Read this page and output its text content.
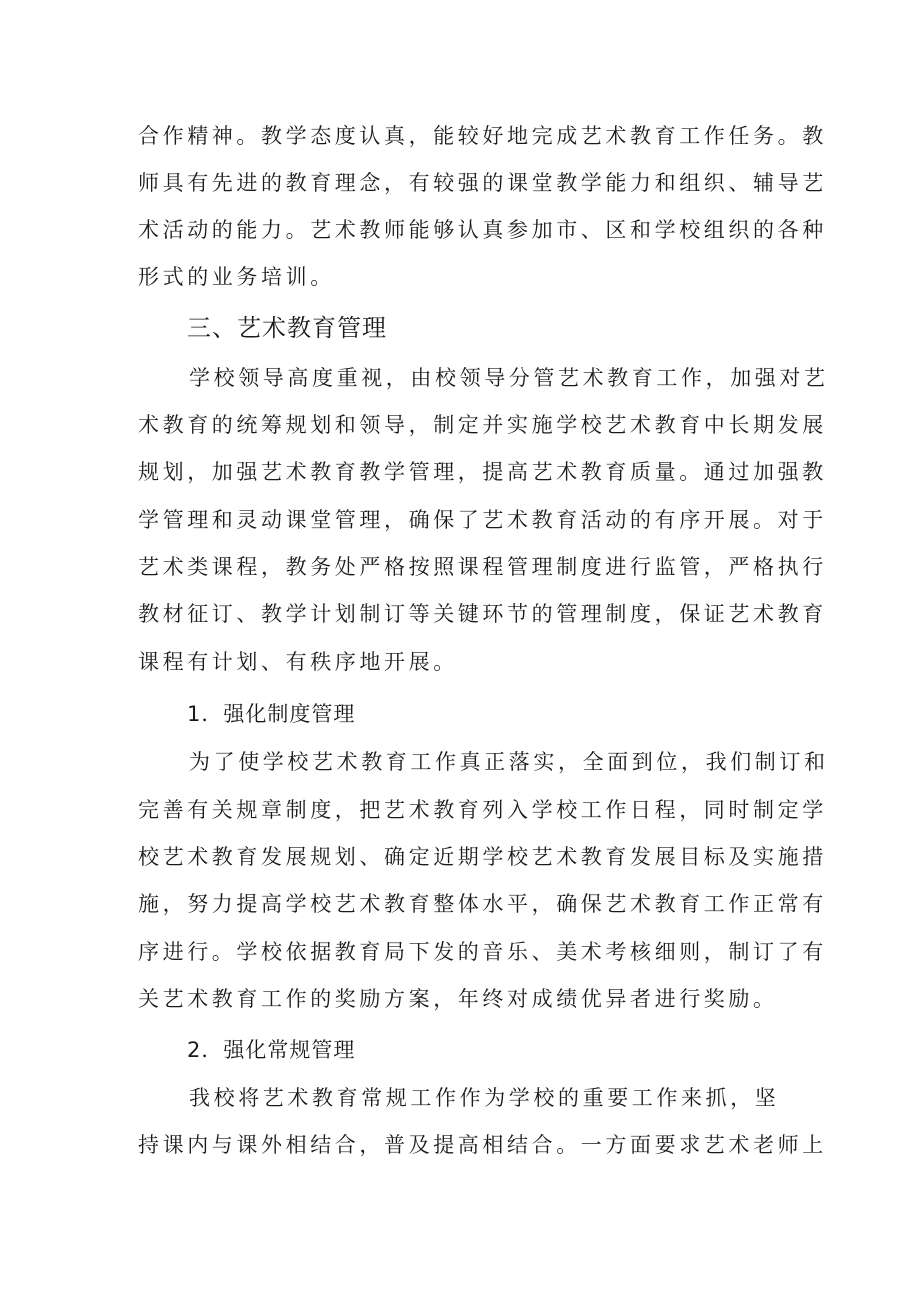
合作精神。教学态度认真，能较好地完成艺术教育工作任务。教
师具有先进的教育理念，有较强的课堂教学能力和组织、辅导艺
术活动的能力。艺术教师能够认真参加市、区和学校组织的各种
形式的业务培训。
三、艺术教育管理
学校领导高度重视，由校领导分管艺术教育工作，加强对艺
术教育的统筹规划和领导，制定并实施学校艺术教育中长期发展
规划，加强艺术教育教学管理，提高艺术教育质量。通过加强教
学管理和灵动课堂管理，确保了艺术教育活动的有序开展。对于
艺术类课程，教务处严格按照课程管理制度进行监管，严格执行
教材征订、教学计划制订等关键环节的管理制度，保证艺术教育
课程有计划、有秩序地开展。
1．强化制度管理
为了使学校艺术教育工作真正落实，全面到位，我们制订和
完善有关规章制度，把艺术教育列入学校工作日程，同时制定学
校艺术教育发展规划、确定近期学校艺术教育发展目标及实施措
施，努力提高学校艺术教育整体水平，确保艺术教育工作正常有
序进行。学校依据教育局下发的音乐、美术考核细则，制订了有
关艺术教育工作的奖励方案，年终对成绩优异者进行奖励。
2．强化常规管理
我校将艺术教育常规工作作为学校的重要工作来抓，坚
持课内与课外相结合，普及提高相结合。一方面要求艺术老师上
